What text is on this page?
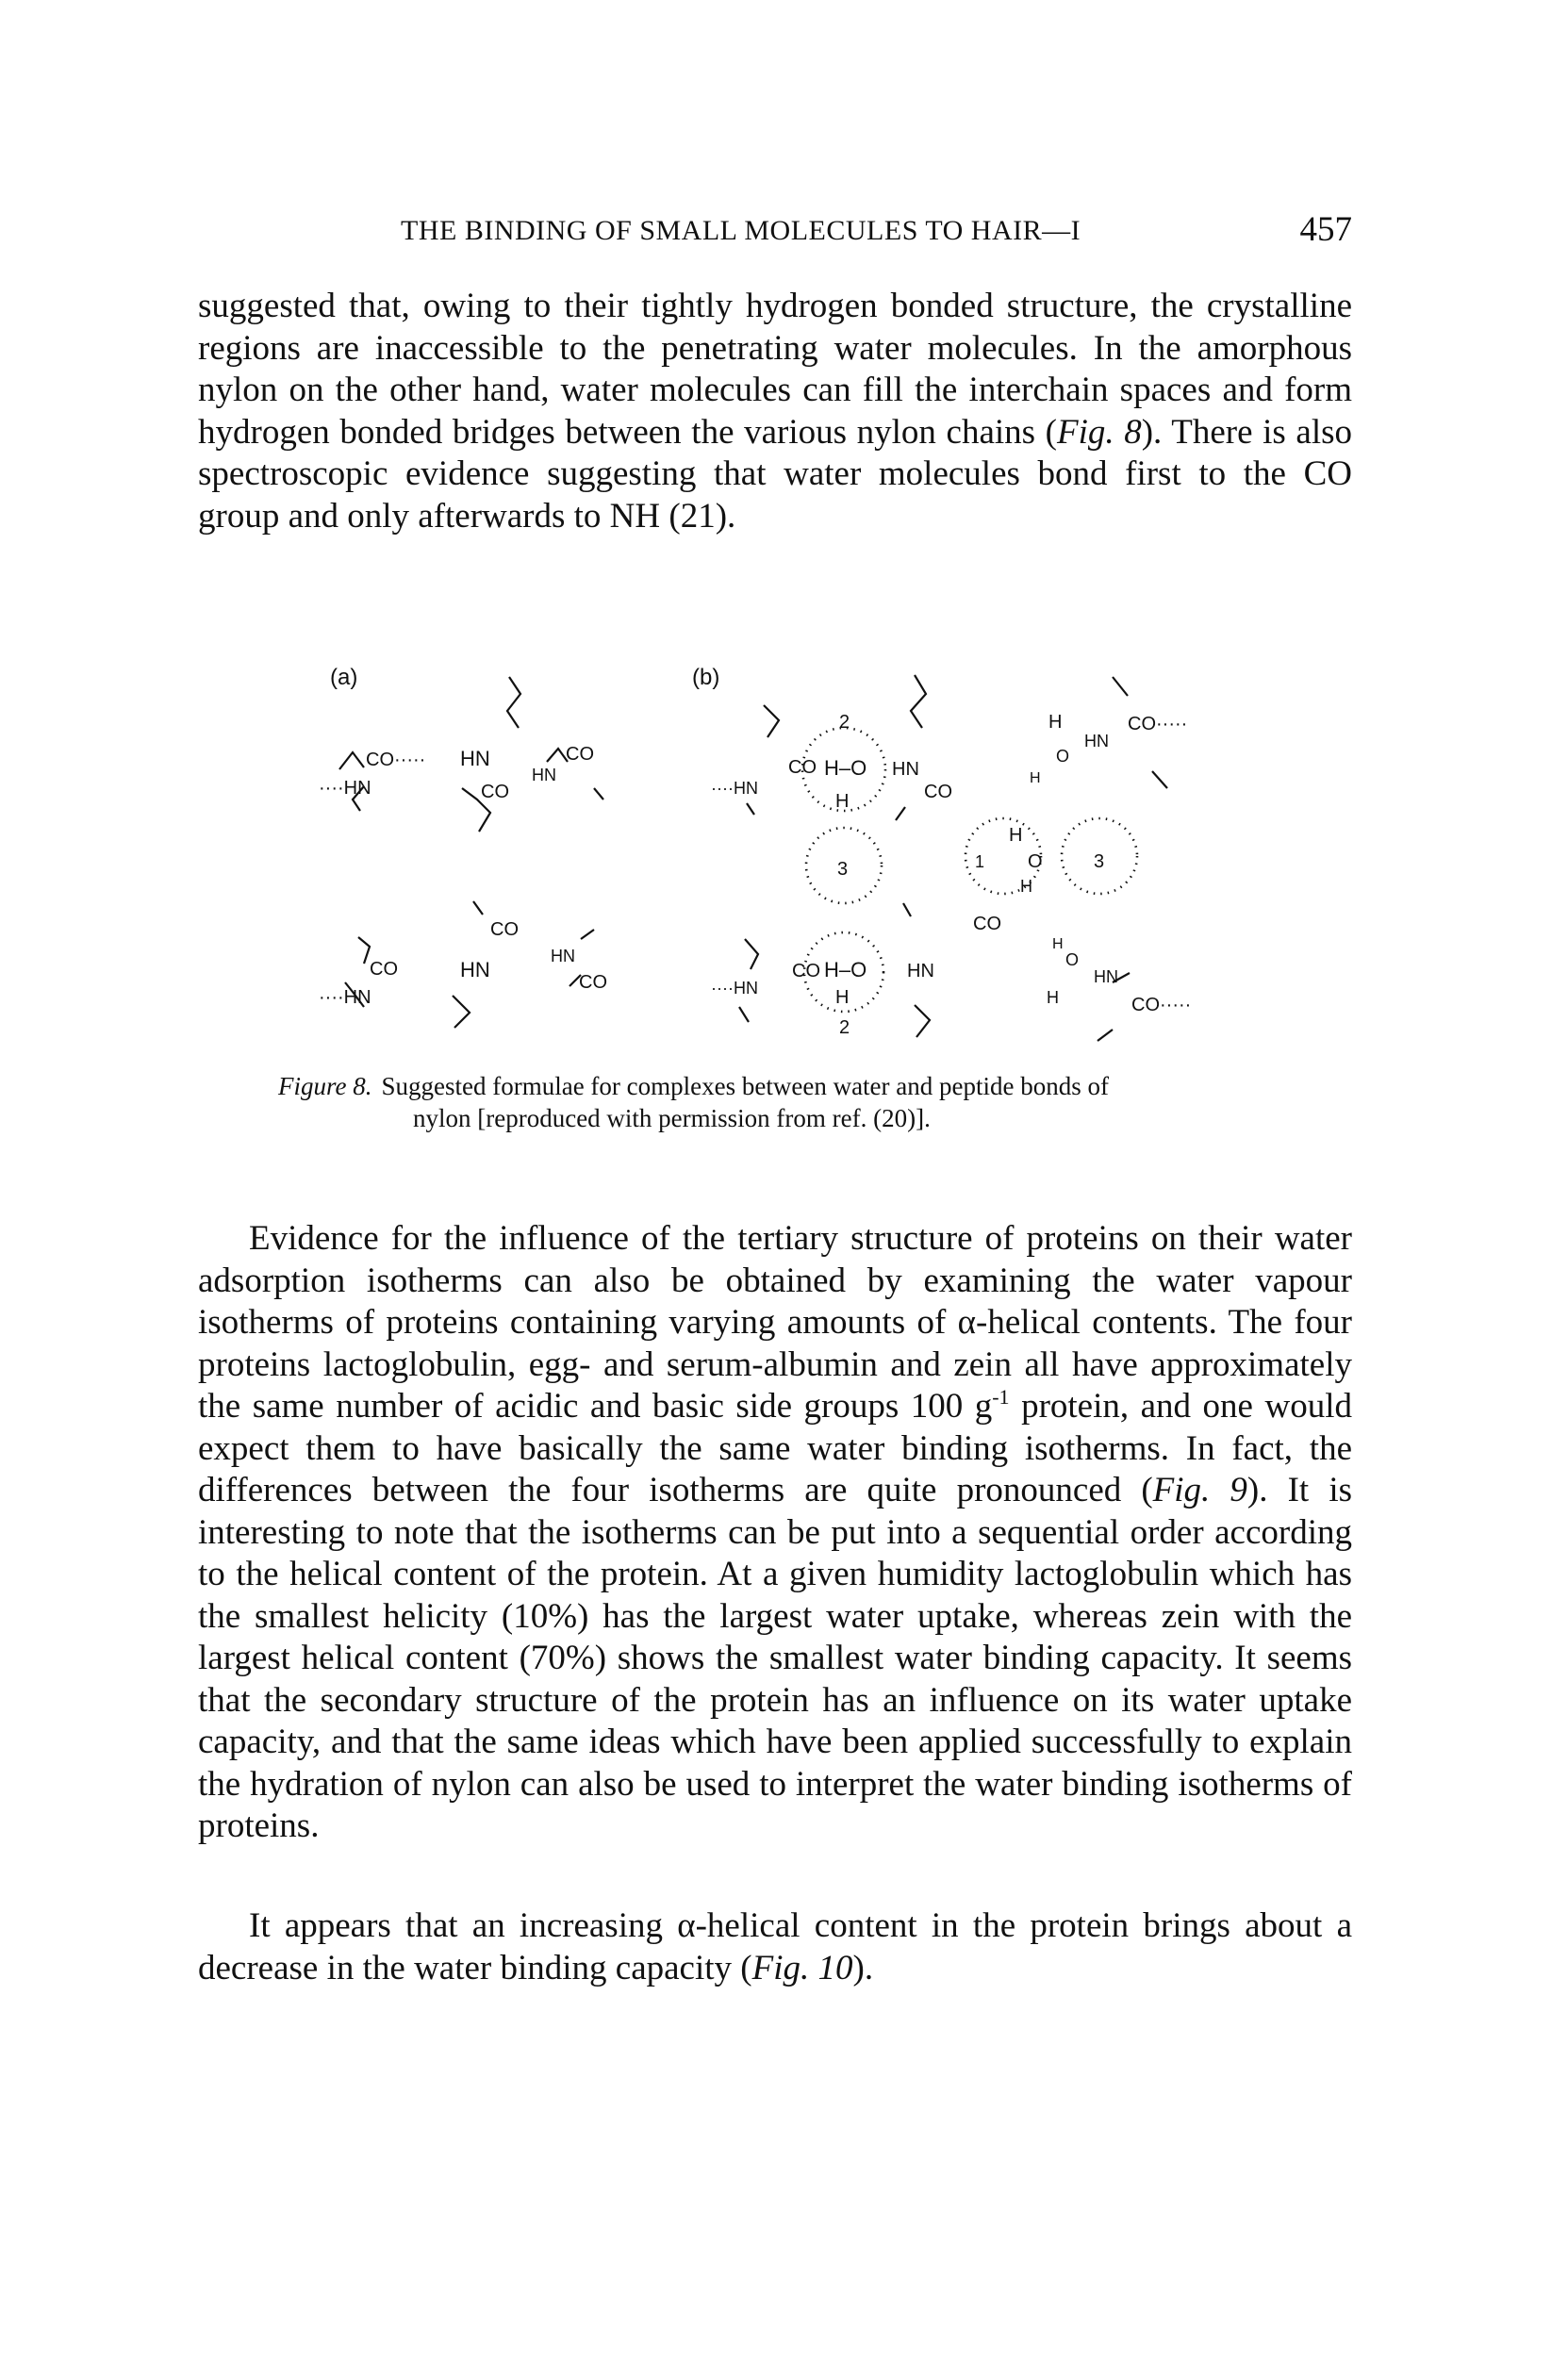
THE BINDING OF SMALL MOLECULES TO HAIR—I	457

suggested that, owing to their tightly hydrogen bonded structure, the crystalline regions are inaccessible to the penetrating water molecules. In the amorphous nylon on the other hand, water molecules can fill the interchain spaces and form hydrogen bonded bridges between the various nylon chains (Fig. 8). There is also spectroscopic evidence suggesting that water molecules bond first to the CO group and only afterwards to NH (21).

(a)	(b)
CO····· HN
····HN	CO
HN
CO
CO	HN
····HN
CO
HN
CO
2
CO H–O HN
····HN
H	CO
H
O
HN
CO·····
H
3	1
H
O
H
3
CO
CO H–O HN
····HN	H
2
H
O
HN
H	CO·····
Figure 8. Suggested formulae for complexes between water and peptide bonds of
nylon [reproduced with permission from ref. (20)].

Evidence for the influence of the tertiary structure of proteins on their water adsorption isotherms can also be obtained by examining the water vapour isotherms of proteins containing varying amounts of α-helical contents. The four proteins lactoglobulin, egg- and serum-albumin and zein all have approximately the same number of acidic and basic side groups 100 $g^{-1}$ protein, and one would expect them to have basically the same water binding isotherms. In fact, the differences between the four isotherms are quite pronounced (Fig. 9). It is interesting to note that the isotherms can be put into a sequential order according to the helical content of the protein. At a given humidity lactoglobulin which has the smallest helicity (10%) has the largest water uptake, whereas zein with the largest helical content (70%) shows the smallest water binding capacity. It seems that the secondary structure of the protein has an influence on its water uptake capacity, and that the same ideas which have been applied successfully to explain the hydration of nylon can also be used to interpret the water binding isotherms of proteins.

It appears that an increasing α-helical content in the protein brings about a decrease in the water binding capacity (Fig. 10).
